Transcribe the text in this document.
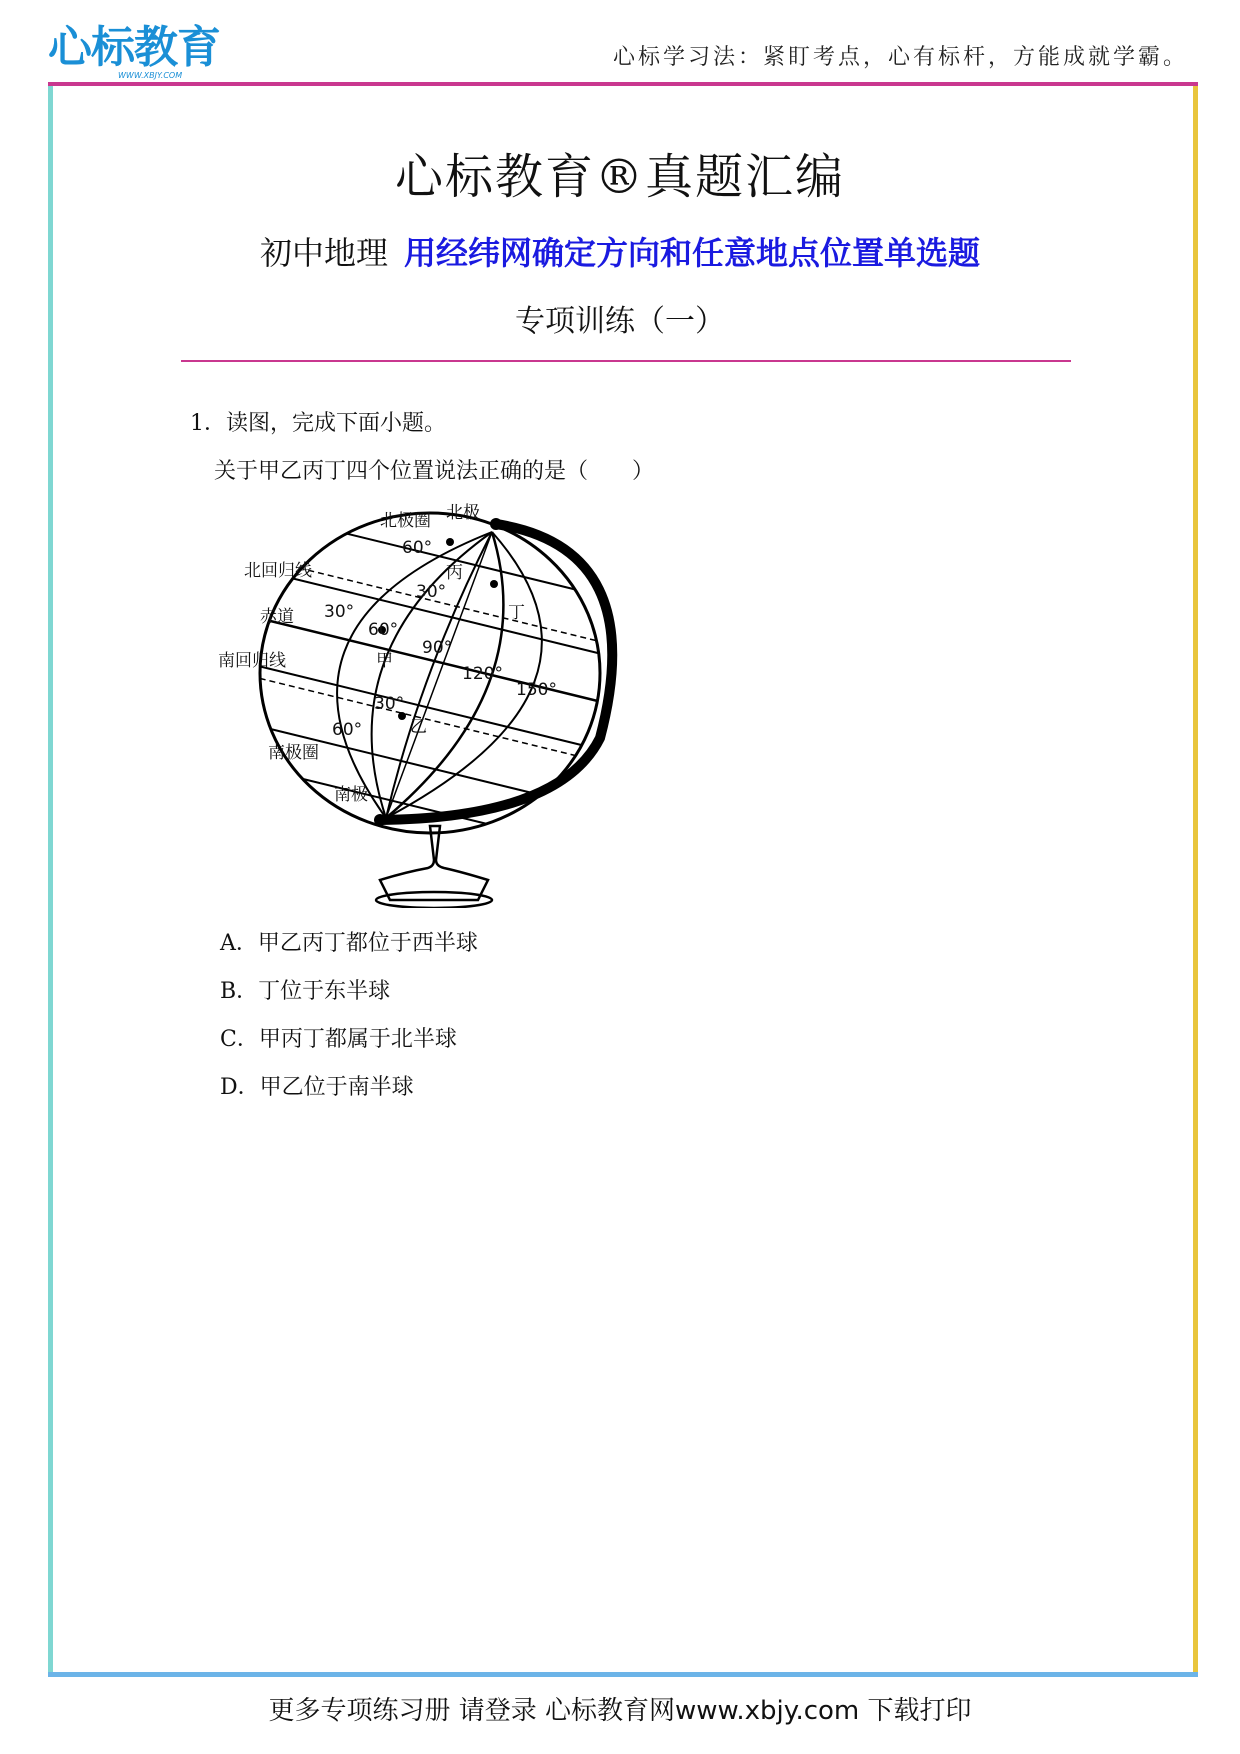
心标教育
WWW.XBJY.COM
心标学习法：紧盯考点，心有标杆，方能成就学霸。
心标教育®真题汇编
初中地理 用经纬网确定方向和任意地点位置单选题
专项训练（一）
1．读图，完成下面小题。
关于甲乙丙丁四个位置说法正确的是（　　）
北极圈 北极
60°
丙
北回归线
30°
丁
赤道 30°
60°
南回归线	甲
90°
120°
150°
30°
乙
60°
南极圈
南极
A．甲乙丙丁都位于西半球
B．丁位于东半球
C．甲丙丁都属于北半球
D．甲乙位于南半球
更多专项练习册 请登录 心标教育网www.xbjy.com 下载打印
